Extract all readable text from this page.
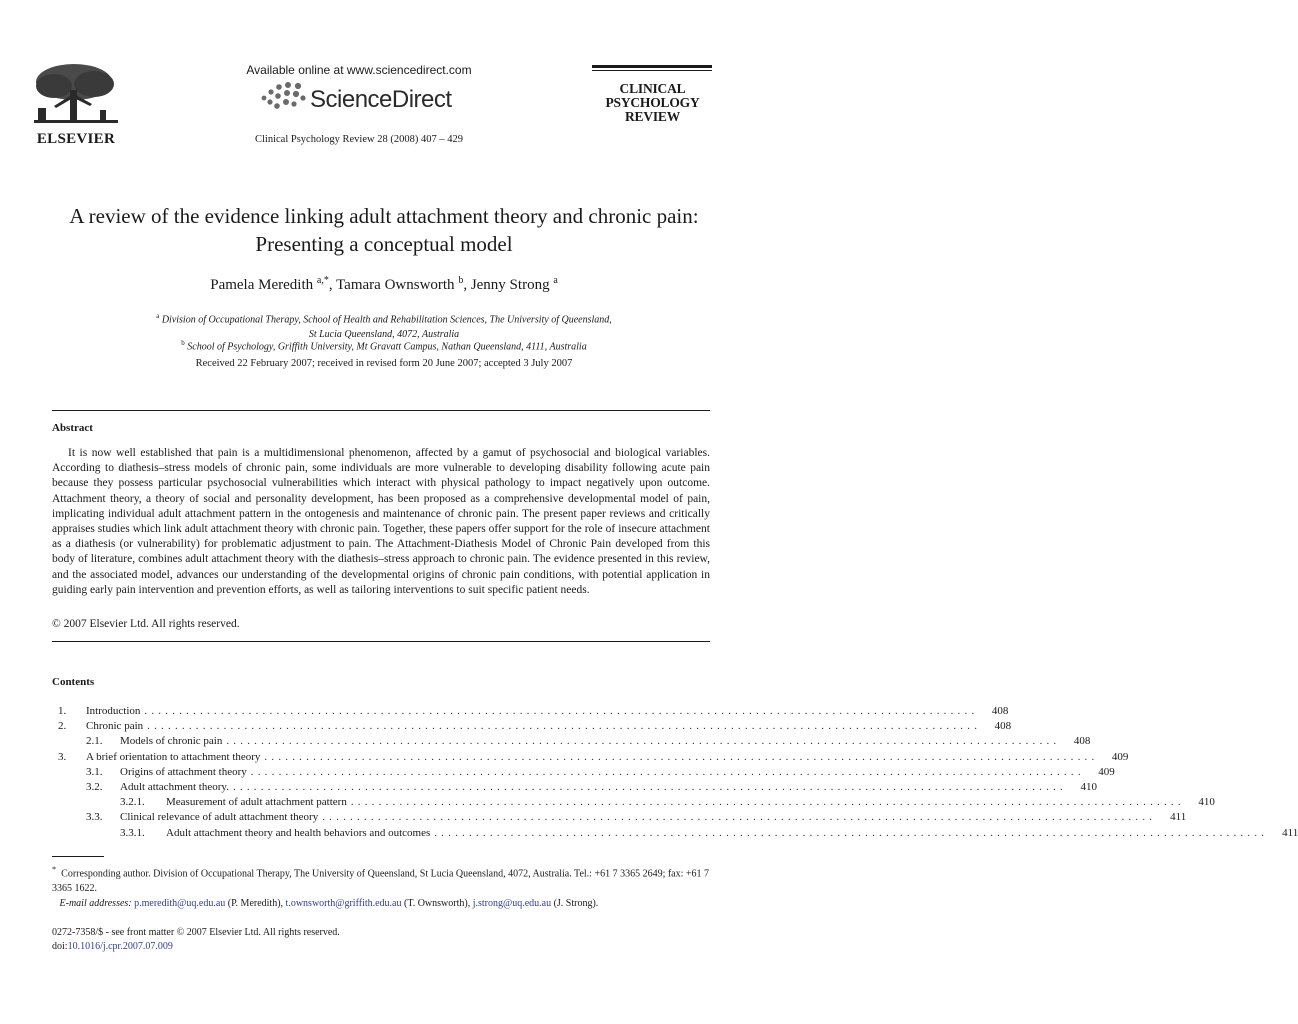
ELSEVIER
Available online at www.sciencedirect.com
ScienceDirect
Clinical Psychology Review 28 (2008) 407 – 429
CLINICAL
PSYCHOLOGY
REVIEW
A review of the evidence linking adult attachment theory and chronic pain: Presenting a conceptual model
Pamela Meredith $^{a,*}$, Tamara Ownsworth $^b$, Jenny Strong $^a$
$^a$ Division of Occupational Therapy, School of Health and Rehabilitation Sciences, The University of Queensland,
St Lucia Queensland, 4072, Australia
$^b$ School of Psychology, Griffith University, Mt Gravatt Campus, Nathan Queensland, 4111, Australia
Received 22 February 2007; received in revised form 20 June 2007; accepted 3 July 2007
Abstract

It is now well established that pain is a multidimensional phenomenon, affected by a gamut of psychosocial and biological variables. According to diathesis–stress models of chronic pain, some individuals are more vulnerable to developing disability following acute pain because they possess particular psychosocial vulnerabilities which interact with physical pathology to impact negatively upon outcome. Attachment theory, a theory of social and personality development, has been proposed as a comprehensive developmental model of pain, implicating individual adult attachment pattern in the ontogenesis and maintenance of chronic pain. The present paper reviews and critically appraises studies which link adult attachment theory with chronic pain. Together, these papers offer support for the role of insecure attachment as a diathesis (or vulnerability) for problematic adjustment to pain. The Attachment-Diathesis Model of Chronic Pain developed from this body of literature, combines adult attachment theory with the diathesis–stress approach to chronic pain. The evidence presented in this review, and the associated model, advances our understanding of the developmental origins of chronic pain conditions, with potential application in guiding early pain intervention and prevention efforts, as well as tailoring interventions to suit specific patient needs.

© 2007 Elsevier Ltd. All rights reserved.
Contents
1.	Introduction ........................................................................................................................	408
2.	Chronic pain ........................................................................................................................	408
2.1.	Models of chronic pain ........................................................................................................................	408
3.	A brief orientation to attachment theory ........................................................................................................................	409
3.1.	Origins of attachment theory ........................................................................................................................	409
3.2.	Adult attachment theory. ........................................................................................................................	410
3.2.1.	Measurement of adult attachment pattern ........................................................................................................................	410
3.3.	Clinical relevance of adult attachment theory ........................................................................................................................	411
3.3.1.	Adult attachment theory and health behaviors and outcomes ........................................................................................................................	411
* Corresponding author. Division of Occupational Therapy, The University of Queensland, St Lucia Queensland, 4072, Australia. Tel.: +61 7 3365 2649; fax: +61 7 3365 1622.
E-mail addresses: p.meredith@uq.edu.au (P. Meredith), t.ownsworth@griffith.edu.au (T. Ownsworth), j.strong@uq.edu.au (J. Strong).
0272-7358/$ - see front matter © 2007 Elsevier Ltd. All rights reserved.
doi:10.1016/j.cpr.2007.07.009
